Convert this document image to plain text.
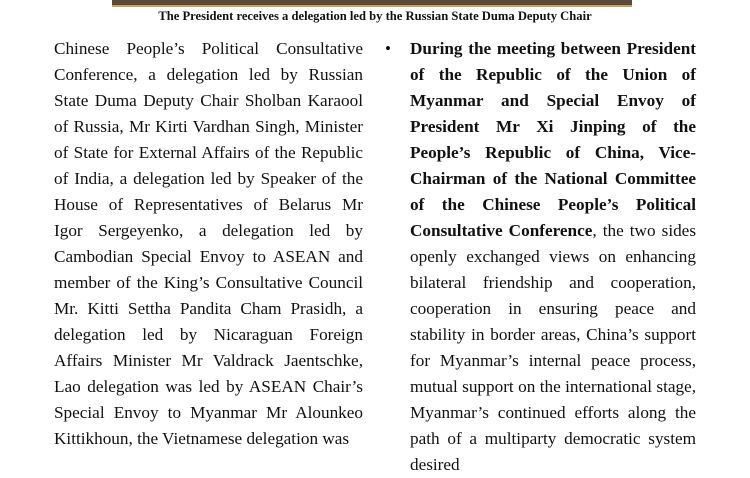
The President receives a delegation led by the Russian State Duma Deputy Chair
Chinese People’s Political Consultative Conference, a delegation led by Russian State Duma Deputy Chair Sholban Karaool of Russia, Mr Kirti Vardhan Singh, Minister of State for External Affairs of the Republic of India, a delegation led by Speaker of the House of Representatives of Belarus Mr Igor Sergeyenko, a delegation led by Cambodian Special Envoy to ASEAN and member of the King’s Consultative Council Mr. Kitti Settha Pandita Cham Prasidh, a delegation led by Nicaraguan Foreign Affairs Minister Mr Valdrack Jaentschke, Lao delegation was led by ASEAN Chair’s Special Envoy to Myanmar Mr Alounkeo Kittikhoun, the Vietnamese delegation was
• During the meeting between President of the Republic of the Union of Myanmar and Special Envoy of President Mr Xi Jinping of the People’s Republic of China, Vice-Chairman of the National Committee of the Chinese People’s Political Consultative Conference, the two sides openly exchanged views on enhancing bilateral friendship and cooperation, cooperation in ensuring peace and stability in border areas, China’s support for Myanmar’s internal peace process, mutual support on the international stage, Myanmar’s continued efforts along the path of a multiparty democratic system desired
